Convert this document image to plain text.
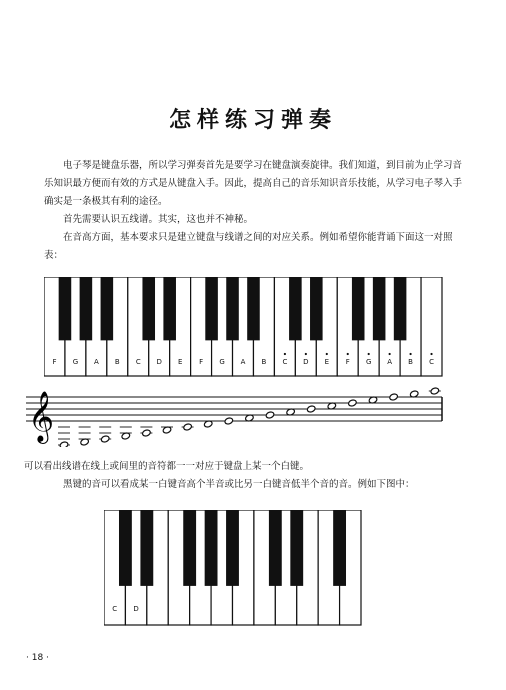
怎样练习弹奏
电子琴是键盘乐器，所以学习弹奏首先是要学习在键盘演奏旋律。我们知道，到目前为止学习音乐知识最方便而有效的方式是从键盘入手。因此，提高自己的音乐知识音乐技能，从学习电子琴入手确实是一条极其有利的途径。
首先需要认识五线谱。其实，这也并不神秘。
在音高方面，基本要求只是建立键盘与线谱之间的对应关系。例如希望你能背诵下面这一对照表：
F G A B C D E F G A B C D E F G A B C
𝄞
可以看出线谱在线上或间里的音符都一一对应于键盘上某一个白键。
黑键的音可以看成某一白键音高个半音或比另一白键音低半个音的音。例如下图中：
C D
· 18 ·
